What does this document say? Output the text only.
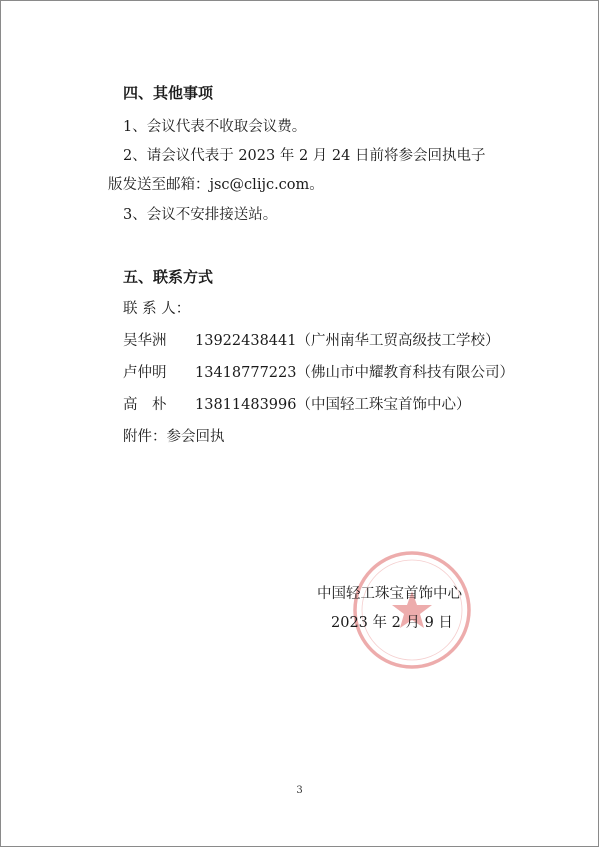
四、其他事项
1、会议代表不收取会议费。
2、请会议代表于 2023 年 2 月 24 日前将参会回执电子
版发送至邮箱：jsc@clijc.com。
3、会议不安排接送站。
五、联系方式
联 系 人：
吴华洲	13922438441 （广州南华工贸高级技工学校）
卢仲明	13418777223 （佛山市中耀教育科技有限公司）
高　朴	13811483996 （中国轻工珠宝首饰中心）
附件：参会回执
中国轻工珠宝首饰中心
2023 年 2 月 9 日
3
